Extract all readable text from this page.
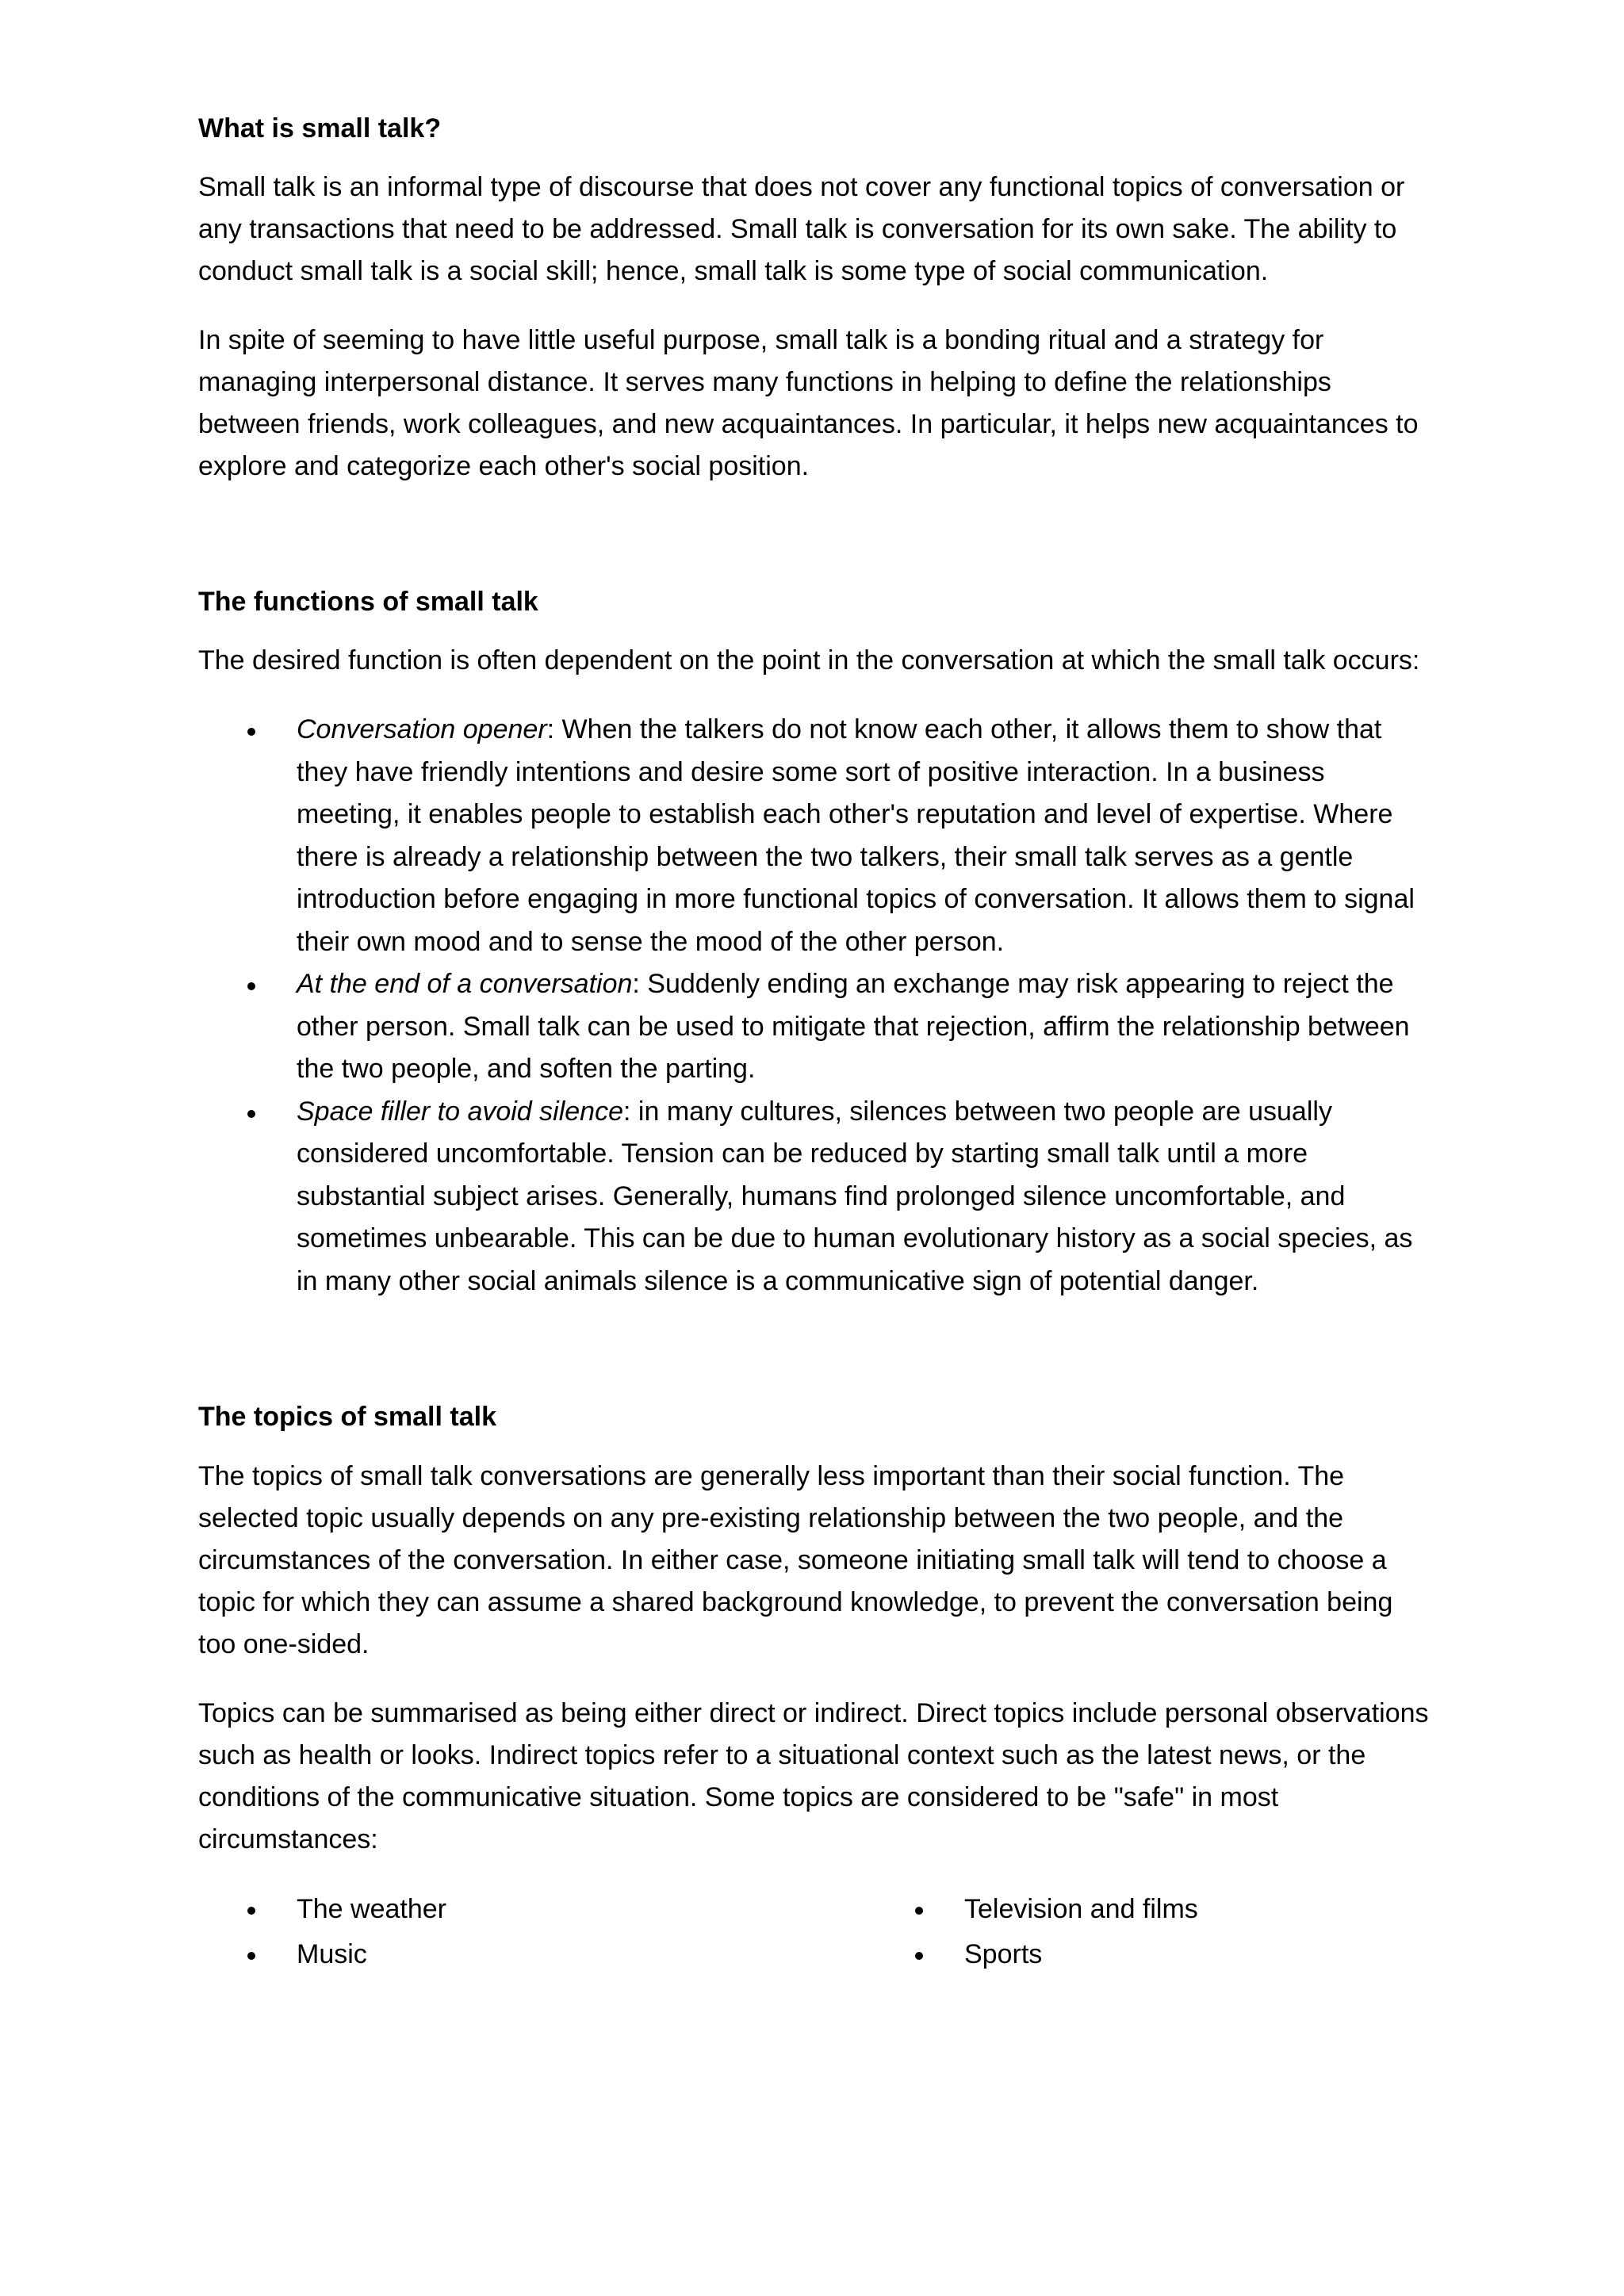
What is small talk?

Small talk is an informal type of discourse that does not cover any functional topics of conversation or any transactions that need to be addressed. Small talk is conversation for its own sake. The ability to conduct small talk is a social skill; hence, small talk is some type of social communication.

In spite of seeming to have little useful purpose, small talk is a bonding ritual and a strategy for managing interpersonal distance. It serves many functions in helping to define the relationships between friends, work colleagues, and new acquaintances. In particular, it helps new acquaintances to explore and categorize each other's social position.

The functions of small talk

The desired function is often dependent on the point in the conversation at which the small talk occurs:

Conversation opener: When the talkers do not know each other, it allows them to show that they have friendly intentions and desire some sort of positive interaction. In a business meeting, it enables people to establish each other's reputation and level of expertise. Where there is already a relationship between the two talkers, their small talk serves as a gentle introduction before engaging in more functional topics of conversation. It allows them to signal their own mood and to sense the mood of the other person.
At the end of a conversation: Suddenly ending an exchange may risk appearing to reject the other person. Small talk can be used to mitigate that rejection, affirm the relationship between the two people, and soften the parting.
Space filler to avoid silence: in many cultures, silences between two people are usually considered uncomfortable. Tension can be reduced by starting small talk until a more substantial subject arises. Generally, humans find prolonged silence uncomfortable, and sometimes unbearable. This can be due to human evolutionary history as a social species, as in many other social animals silence is a communicative sign of potential danger.
The topics of small talk

The topics of small talk conversations are generally less important than their social function. The selected topic usually depends on any pre-existing relationship between the two people, and the circumstances of the conversation. In either case, someone initiating small talk will tend to choose a topic for which they can assume a shared background knowledge, to prevent the conversation being too one-sided.

Topics can be summarised as being either direct or indirect. Direct topics include personal observations such as health or looks. Indirect topics refer to a situational context such as the latest news, or the conditions of the communicative situation. Some topics are considered to be "safe" in most circumstances:

The weather	Television and films
Music	Sports
